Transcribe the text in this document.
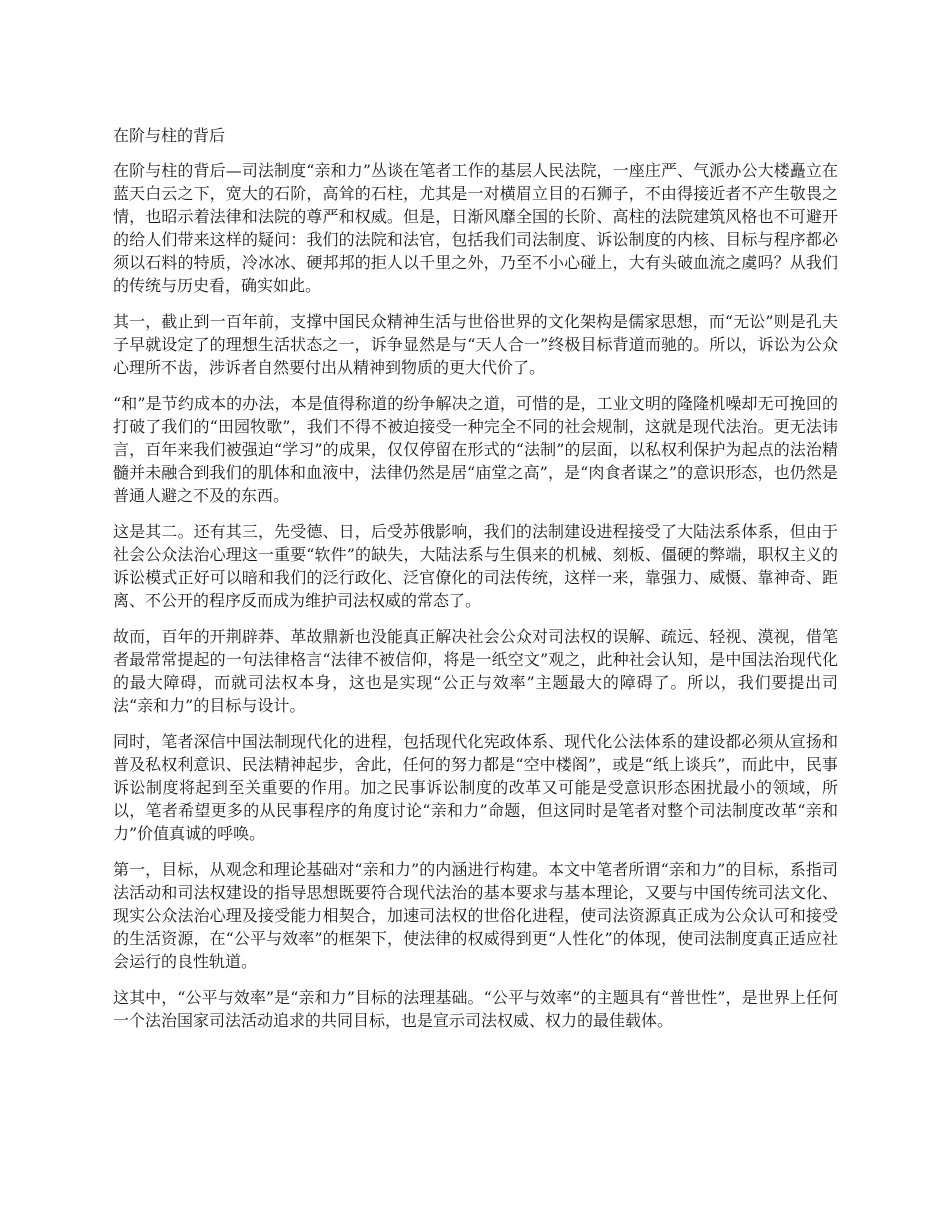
在阶与柱的背后

在阶与柱的背后—司法制度“亲和力”丛谈在笔者工作的基层人民法院，一座庄严、气派办公大楼矗立在蓝天白云之下，宽大的石阶，高耸的石柱，尤其是一对横眉立目的石狮子，不由得接近者不产生敬畏之情，也昭示着法律和法院的尊严和权威。但是，日渐风靡全国的长阶、高柱的法院建筑风格也不可避开的给人们带来这样的疑问：我们的法院和法官，包括我们司法制度、诉讼制度的内核、目标与程序都必须以石料的特质，冷冰冰、硬邦邦的拒人以千里之外，乃至不小心碰上，大有头破血流之虞吗？从我们的传统与历史看，确实如此。

其一，截止到一百年前，支撑中国民众精神生活与世俗世界的文化架构是儒家思想，而“无讼”则是孔夫子早就设定了的理想生活状态之一，诉争显然是与“天人合一”终极目标背道而驰的。所以，诉讼为公众心理所不齿，涉诉者自然要付出从精神到物质的更大代价了。

“和”是节约成本的办法，本是值得称道的纷争解决之道，可惜的是，工业文明的隆隆机噪却无可挽回的打破了我们的“田园牧歌”，我们不得不被迫接受一种完全不同的社会规制，这就是现代法治。更无法讳言，百年来我们被强迫“学习”的成果，仅仅停留在形式的“法制”的层面，以私权利保护为起点的法治精髓并未融合到我们的肌体和血液中，法律仍然是居“庙堂之高”，是“肉食者谋之”的意识形态，也仍然是普通人避之不及的东西。

这是其二。还有其三，先受德、日，后受苏俄影响，我们的法制建设进程接受了大陆法系体系，但由于社会公众法治心理这一重要“软件”的缺失，大陆法系与生俱来的机械、刻板、僵硬的弊端，职权主义的诉讼模式正好可以暗和我们的泛行政化、泛官僚化的司法传统，这样一来，靠强力、威慑、靠神奇、距离、不公开的程序反而成为维护司法权威的常态了。

故而，百年的开荆辟莽、革故鼎新也没能真正解决社会公众对司法权的误解、疏远、轻视、漠视，借笔者最常常提起的一句法律格言“法律不被信仰，将是一纸空文”观之，此种社会认知，是中国法治现代化的最大障碍，而就司法权本身，这也是实现“公正与效率”主题最大的障碍了。所以，我们要提出司法“亲和力”的目标与设计。

同时，笔者深信中国法制现代化的进程，包括现代化宪政体系、现代化公法体系的建设都必须从宣扬和普及私权利意识、民法精神起步，舍此，任何的努力都是“空中楼阁”，或是“纸上谈兵”，而此中，民事诉讼制度将起到至关重要的作用。加之民事诉讼制度的改革又可能是受意识形态困扰最小的领域，所以，笔者希望更多的从民事程序的角度讨论“亲和力”命题，但这同时是笔者对整个司法制度改革“亲和力”价值真诚的呼唤。

第一，目标，从观念和理论基础对“亲和力”的内涵进行构建。本文中笔者所谓“亲和力”的目标，系指司法活动和司法权建设的指导思想既要符合现代法治的基本要求与基本理论，又要与中国传统司法文化、现实公众法治心理及接受能力相契合，加速司法权的世俗化进程，使司法资源真正成为公众认可和接受的生活资源，在“公平与效率”的框架下，使法律的权威得到更“人性化”的体现，使司法制度真正适应社会运行的良性轨道。

这其中，“公平与效率”是“亲和力”目标的法理基础。“公平与效率”的主题具有“普世性”，是世界上任何一个法治国家司法活动追求的共同目标，也是宣示司法权威、权力的最佳载体。
